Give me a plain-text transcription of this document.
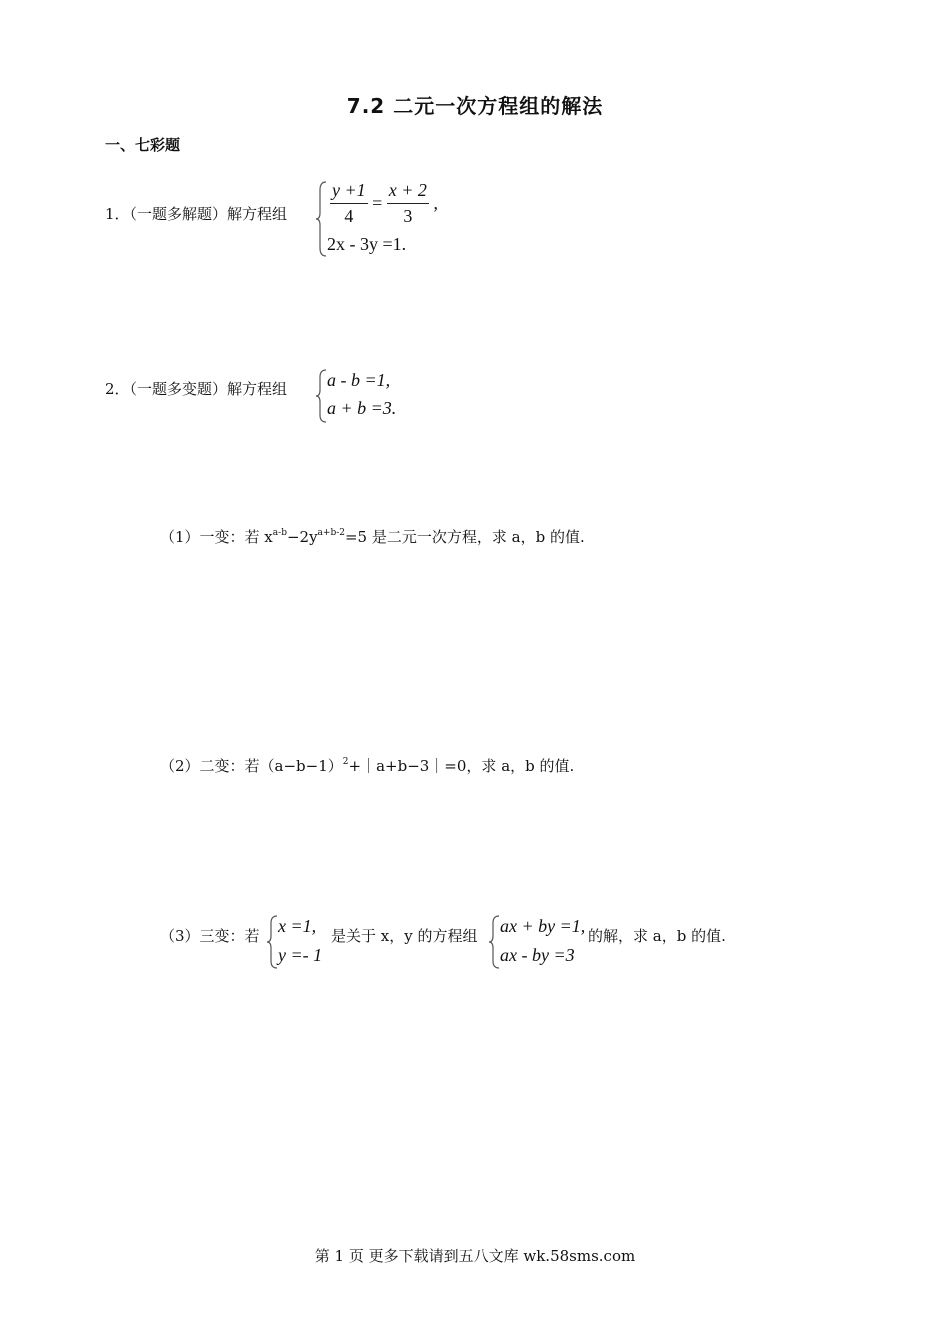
7.2 二元一次方程组的解法
一、七彩题
1．（一题多解题）解方程组 $\frac{y +1}{4} = \frac{x + 2}{3}$ ,
2x - 3y =1.
2．（一题多变题）解方程组 a - b =1,
a + b =3.
（1）一变：若 $x^{a-b}-2y^{a+b-2}=5$ 是二元一次方程，求 a，b 的值.
（2）二变：若$(a-b-1)^2+|a+b-3|=0$，求 a，b 的值.
（3）三变：若 x =1,
y =- 1
是关于 x，y 的方程组 ax + by =1,
ax - by =3
的解，求 a，b 的值.
第 1 页 更多下载请到五八文库 wk.58sms.com
